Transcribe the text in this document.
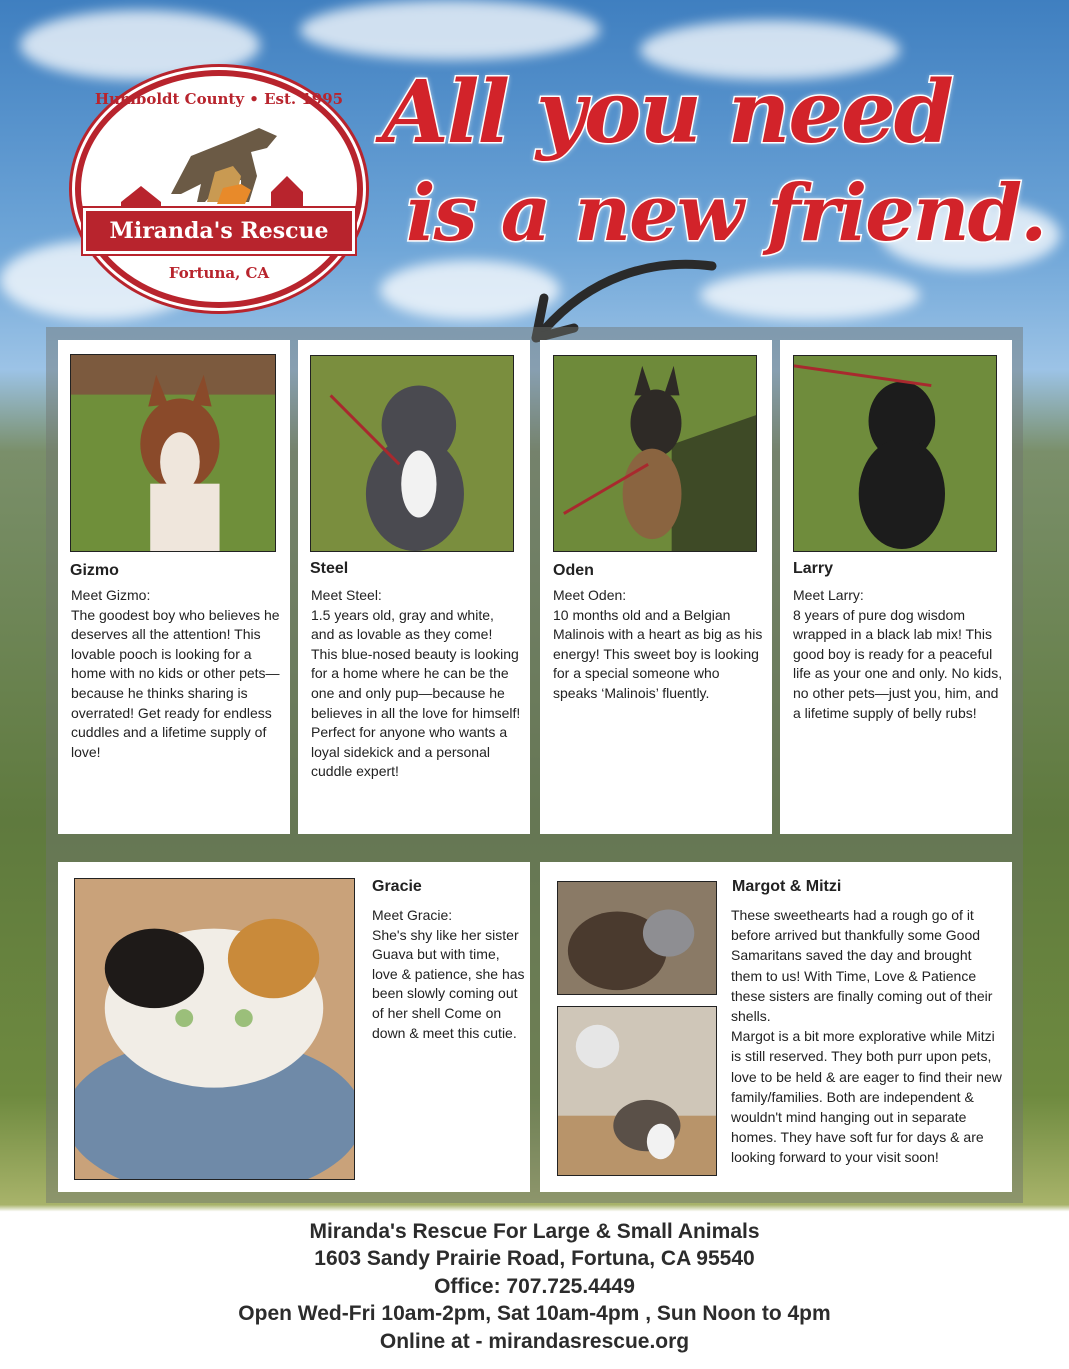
Humboldt County • Est. 1995
Miranda's Rescue
Fortuna, CA
All you need
is a new friend.
Gizmo

Meet Gizmo:

The goodest boy who believes he deserves all the attention! This lovable pooch is looking for a home with no kids or other pets—because he thinks sharing is overrated! Get ready for endless cuddles and a lifetime supply of love!

Steel

Meet Steel:

1.5 years old, gray and white, and as lovable as they come! This blue-nosed beauty is looking for a home where he can be the one and only pup—because he believes in all the love for himself! Perfect for anyone who wants a loyal sidekick and a personal cuddle expert!

Oden

Meet Oden:

10 months old and a Belgian Malinois with a heart as big as his energy! This sweet boy is looking for a special someone who speaks ‘Malinois’ fluently.

Larry

Meet Larry:

8 years of pure dog wisdom wrapped in a black lab mix! This good boy is ready for a peaceful life as your one and only. No kids, no other pets—just you, him, and a lifetime supply of belly rubs!

Gracie

Meet Gracie:

She's shy like her sister Guava but with time, love & patience, she has been slowly coming out of her shell Come on down & meet this cutie.

Margot & Mitzi

These sweethearts had a rough go of it before arrived but thankfully some Good Samaritans saved the day and brought them to us! With Time, Love & Patience these sisters are finally coming out of their shells.

Margot is a bit more explorative while Mitzi is still reserved. They both purr upon pets, love to be held & are eager to find their new family/families. Both are independent & wouldn't mind hanging out in separate homes. They have soft fur for days & are looking forward to your visit soon!

Miranda's Rescue For Large & Small Animals
1603 Sandy Prairie Road, Fortuna, CA 95540
Office: 707.725.4449
Open Wed-Fri 10am-2pm, Sat 10am-4pm , Sun Noon to 4pm
Online at - mirandasrescue.org
